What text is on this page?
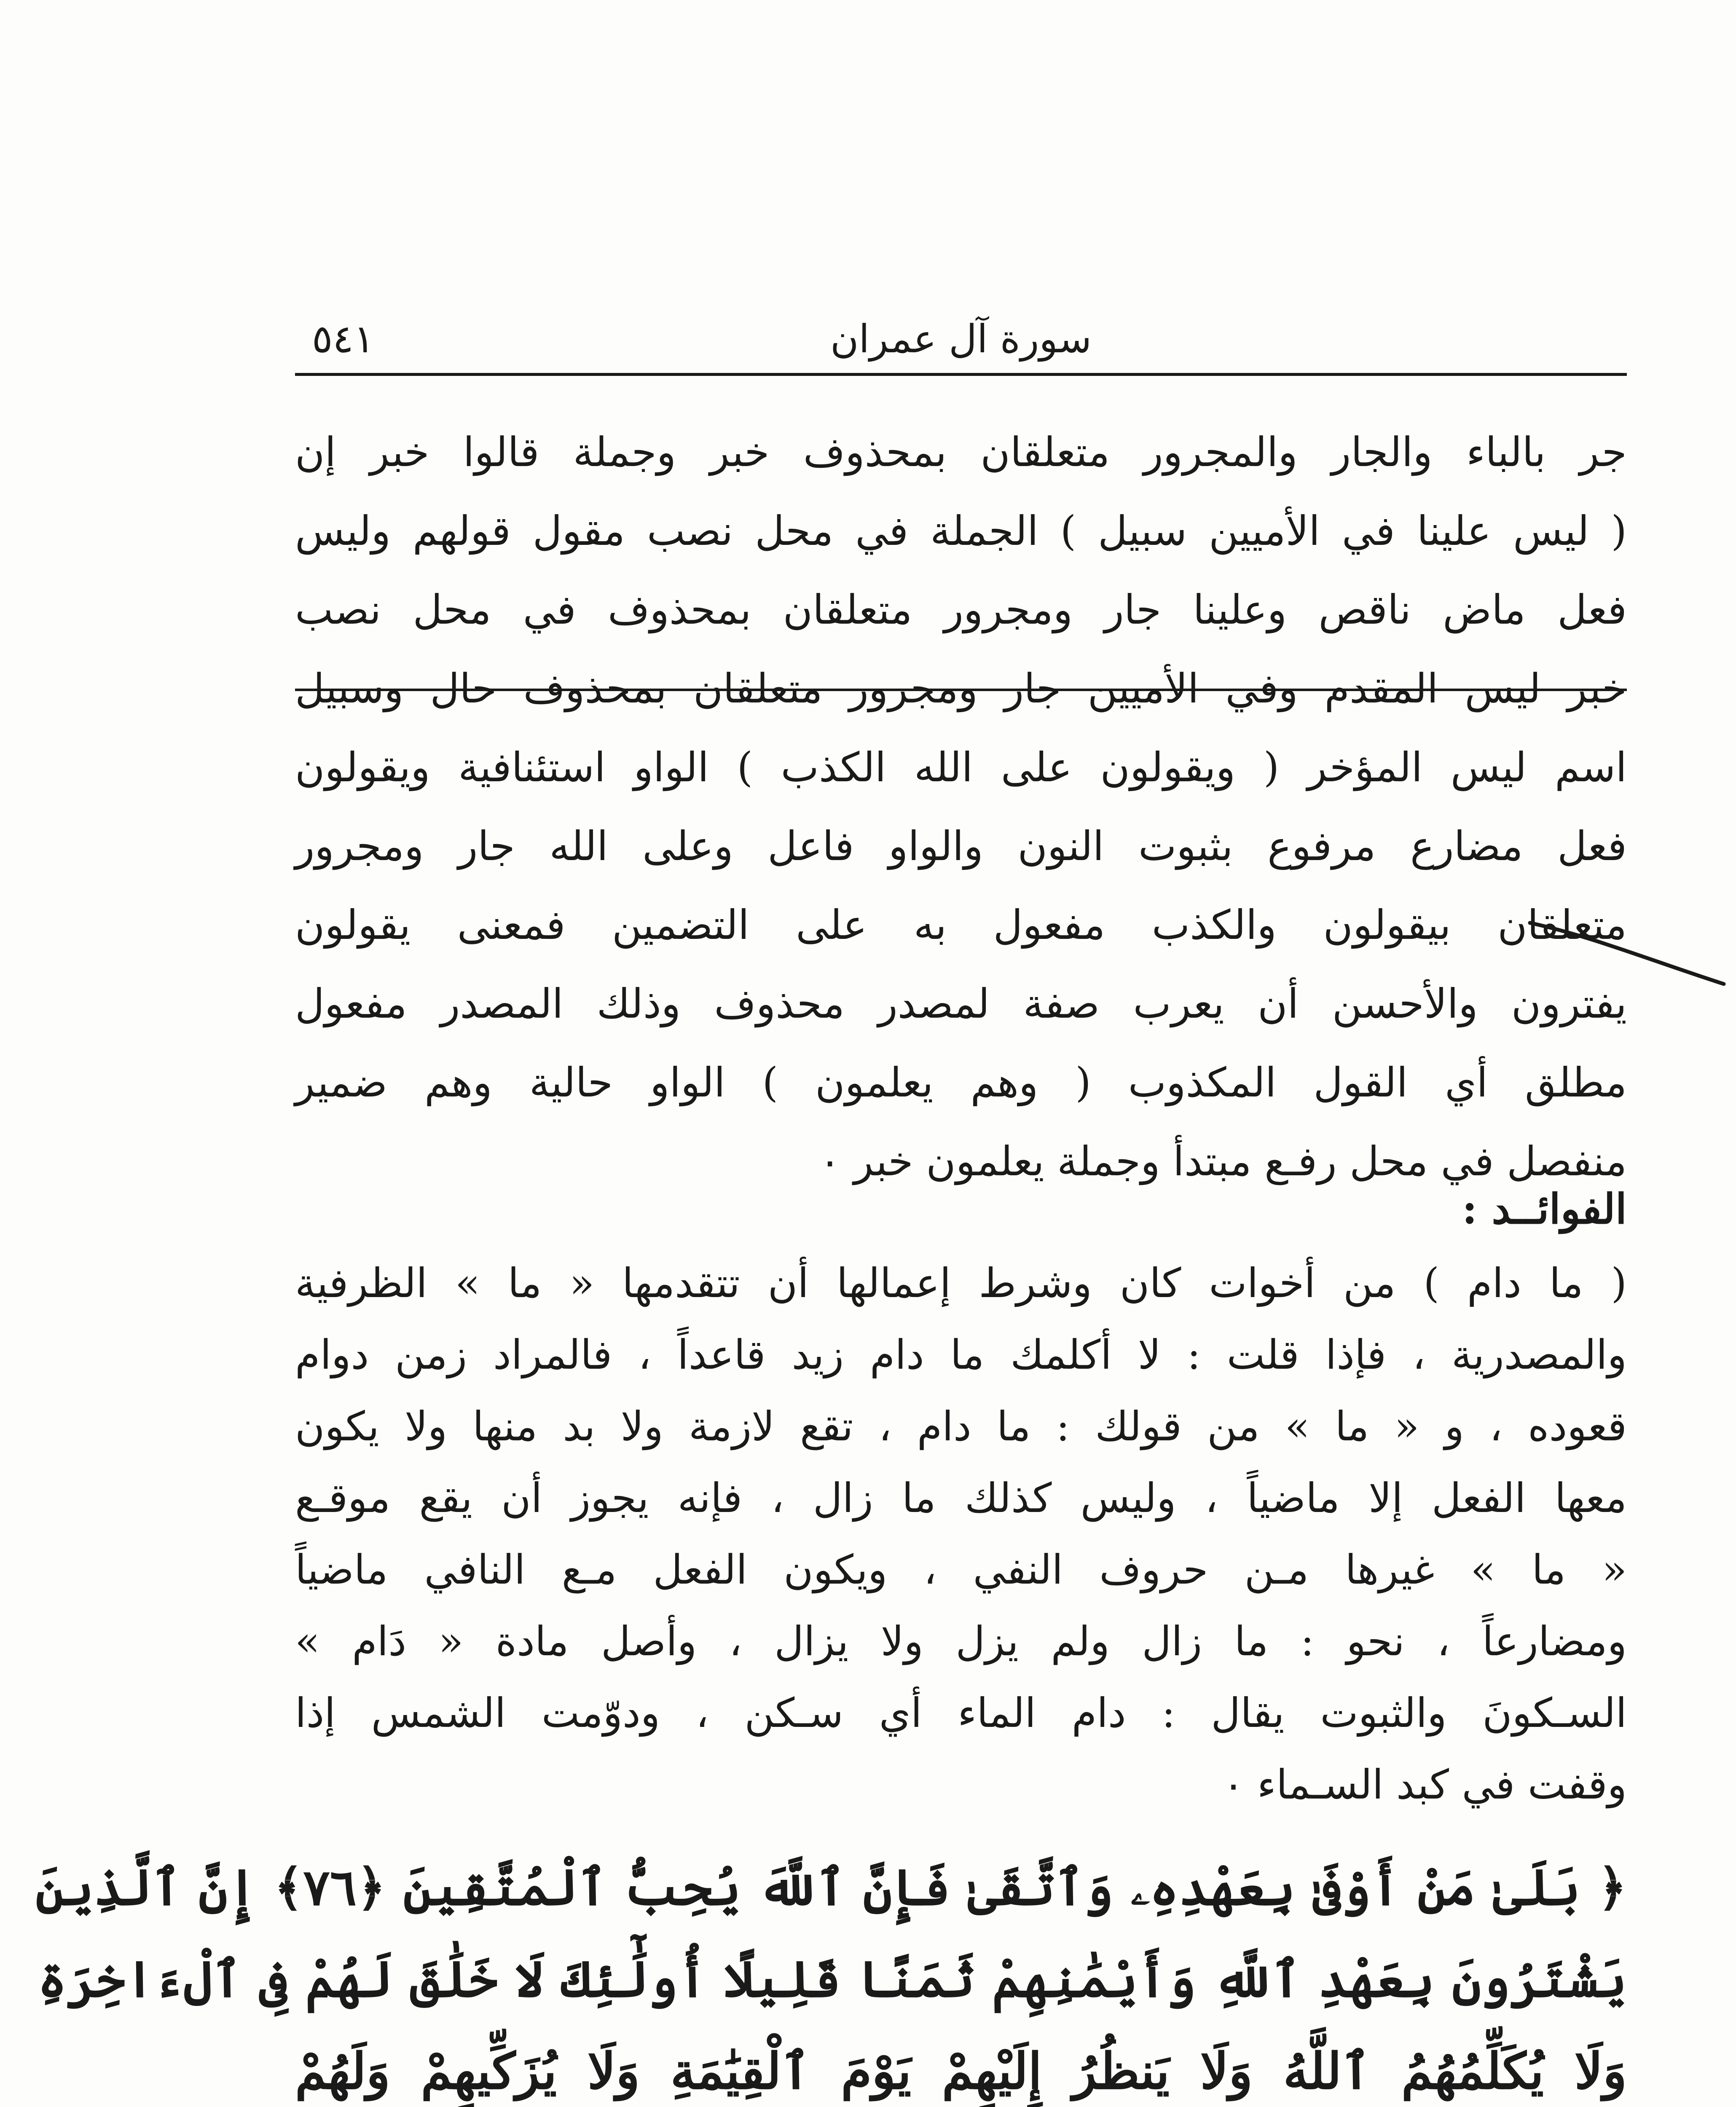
سورة آل عمران
٥٤١
جر بالباء والجار والمجرور متعلقان بمحذوف خبر وجملة قالوا خبر إن
( ليس علينا في الأميين سبيل ) الجملة في محل نصب مقول قولهم وليس
فعل ماض ناقص وعلينا جار ومجرور متعلقان بمحذوف في محل نصب
خبر ليس المقدم وفي الأميين جار ومجرور متعلقان بمحذوف حال وسبيل
اسم ليس المؤخر ( ويقولون على الله الكذب ) الواو استئنافية ويقولون
فعل مضارع مرفوع بثبوت النون والواو فاعل وعلى الله جار ومجرور
متعلقان بيقولون والكذب مفعول به على التضمين فمعنى يقولون
يفترون والأحسن أن يعرب صفة لمصدر محذوف وذلك المصدر مفعول
مطلق أي القول المكذوب ( وهم يعلمون ) الواو حالية وهم ضمير
منفصل في محل رفـع مبتدأ وجملة يعلمون خبر ٠
الفوائــد :
( ما دام ) من أخوات كان وشرط إعمالها أن تتقدمها « ما » الظرفية
والمصدرية ، فإذا قلت : لا أكلمك ما دام زيد قاعداً ، فالمراد زمن دوام
قعوده ، و « ما » من قولك : ما دام ، تقع لازمة ولا بد منها ولا يكون
معها الفعل إلا ماضياً ، وليس كذلك ما زال ، فإنه يجوز أن يقع موقـع
« ما » غيرها مـن حروف النفي ، ويكون الفعل مـع النافي ماضياً
ومضارعاً ، نحو : ما زال ولم يزل ولا يزال ، وأصل مادة « دَام »
السـكونَ والثبوت يقال : دام الماء أي سـكن ، ودوّمت الشمس إذا
وقفت في كبد السـماء ٠
﴿ بَلَىٰ مَنْ أَوْفَىٰ بِعَهْدِهِۦ وَٱتَّقَىٰ فَإِنَّ ٱللَّهَ يُحِبُّ ٱلْمُتَّقِينَ ﴿٧٦﴾ إِنَّ ٱلَّذِينَ
يَشْتَرُونَ بِعَهْدِ ٱللَّهِ وَأَيْمَٰنِهِمْ ثَمَنًا قَلِيلًا أُولَٰٓئِكَ لَا خَلَٰقَ لَهُمْ فِى ٱلْءَاخِرَةِ
وَلَا يُكَلِّمُهُمُ ٱللَّهُ وَلَا يَنظُرُ إِلَيْهِمْ يَوْمَ ٱلْقِيَٰمَةِ وَلَا يُزَكِّيهِمْ وَلَهُمْ
